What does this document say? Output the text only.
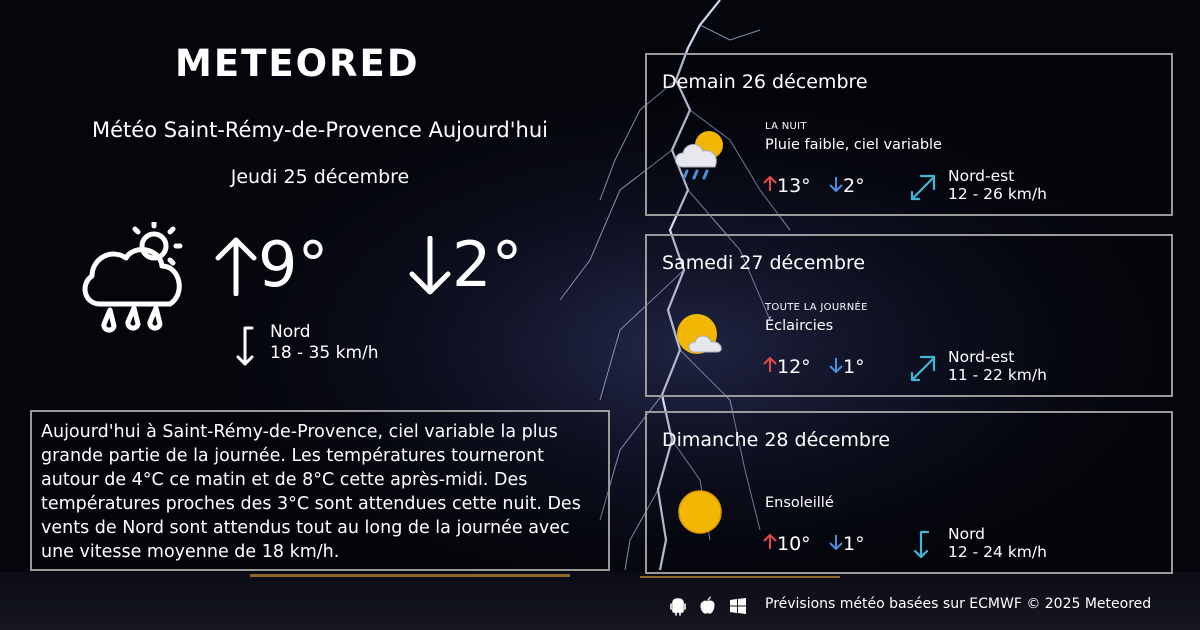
METEORED
Météo Saint-Rémy-de-Provence Aujourd'hui
Jeudi 25 décembre
9°	2°
Nord
18 - 35 km/h
Aujourd'hui à Saint-Rémy-de-Provence, ciel variable la plus grande partie de la journée. Les températures tourneront autour de 4°C ce matin et de 8°C cette après-midi. Des températures proches des 3°C sont attendues cette nuit. Des vents de Nord sont attendus tout au long de la journée avec une vitesse moyenne de 18 km/h.
Demain 26 décembre
LA NUIT
Pluie faible, ciel variable
13°	2°	Nord-est
12 - 26 km/h
Samedi 27 décembre
TOUTE LA JOURNÉE
Éclaircies
12°	1°	Nord-est
11 - 22 km/h
Dimanche 28 décembre
Ensoleillé
10°	1°	Nord
12 - 24 km/h
Prévisions météo basées sur ECMWF © 2025 Meteored
